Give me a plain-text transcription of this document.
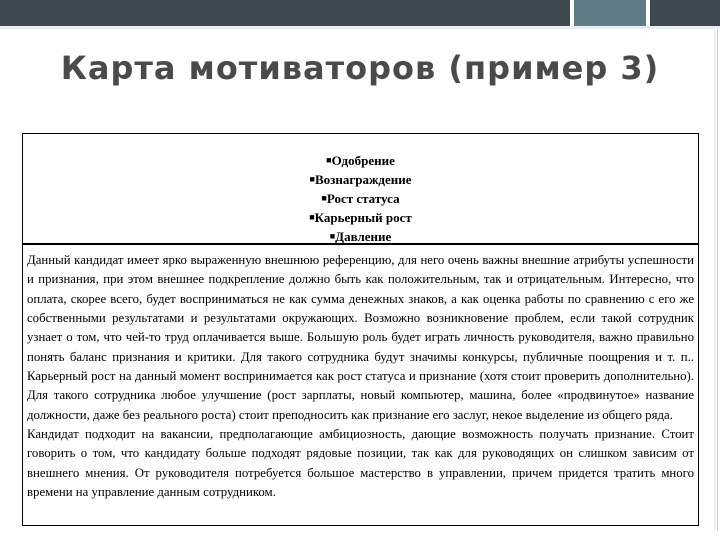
Карта мотиваторов (пример 3)
■Одобрение
■Вознаграждение
■Рост статуса
■Карьерный рост
■Давление

Данный кандидат имеет ярко выраженную внешнюю референцию, для него очень важны внешние атрибуты успешности и признания, при этом внешнее подкрепление должно быть как положительным, так и отрицательным. Интересно, что оплата, скорее всего, будет восприниматься не как сумма денежных знаков, а как оценка работы по сравнению с его же собственными результатами и результатами окружающих. Возможно возникновение проблем, если такой сотрудник узнает о том, что чей-то труд оплачивается выше. Большую роль будет играть личность руководителя, важно правильно понять баланс признания и критики. Для такого сотрудника будут значимы конкурсы, публичные поощрения и т. п.. Карьерный рост на данный момент воспринимается как рост статуса и признание (хотя стоит проверить дополнительно). Для такого сотрудника любое улучшение (рост зарплаты, новый компьютер, машина, более «продвинутое» название должности, даже без реального роста) стоит преподносить как признание его заслуг, некое выделение из общего ряда.

Кандидат подходит на вакансии, предполагающие амбициозность, дающие возможность получать признание. Стоит говорить о том, что кандидату больше подходят рядовые позиции, так как для руководящих он слишком зависим от внешнего мнения. От руководителя потребуется большое мастерство в управлении, причем придется тратить много времени на управление данным сотрудником.
